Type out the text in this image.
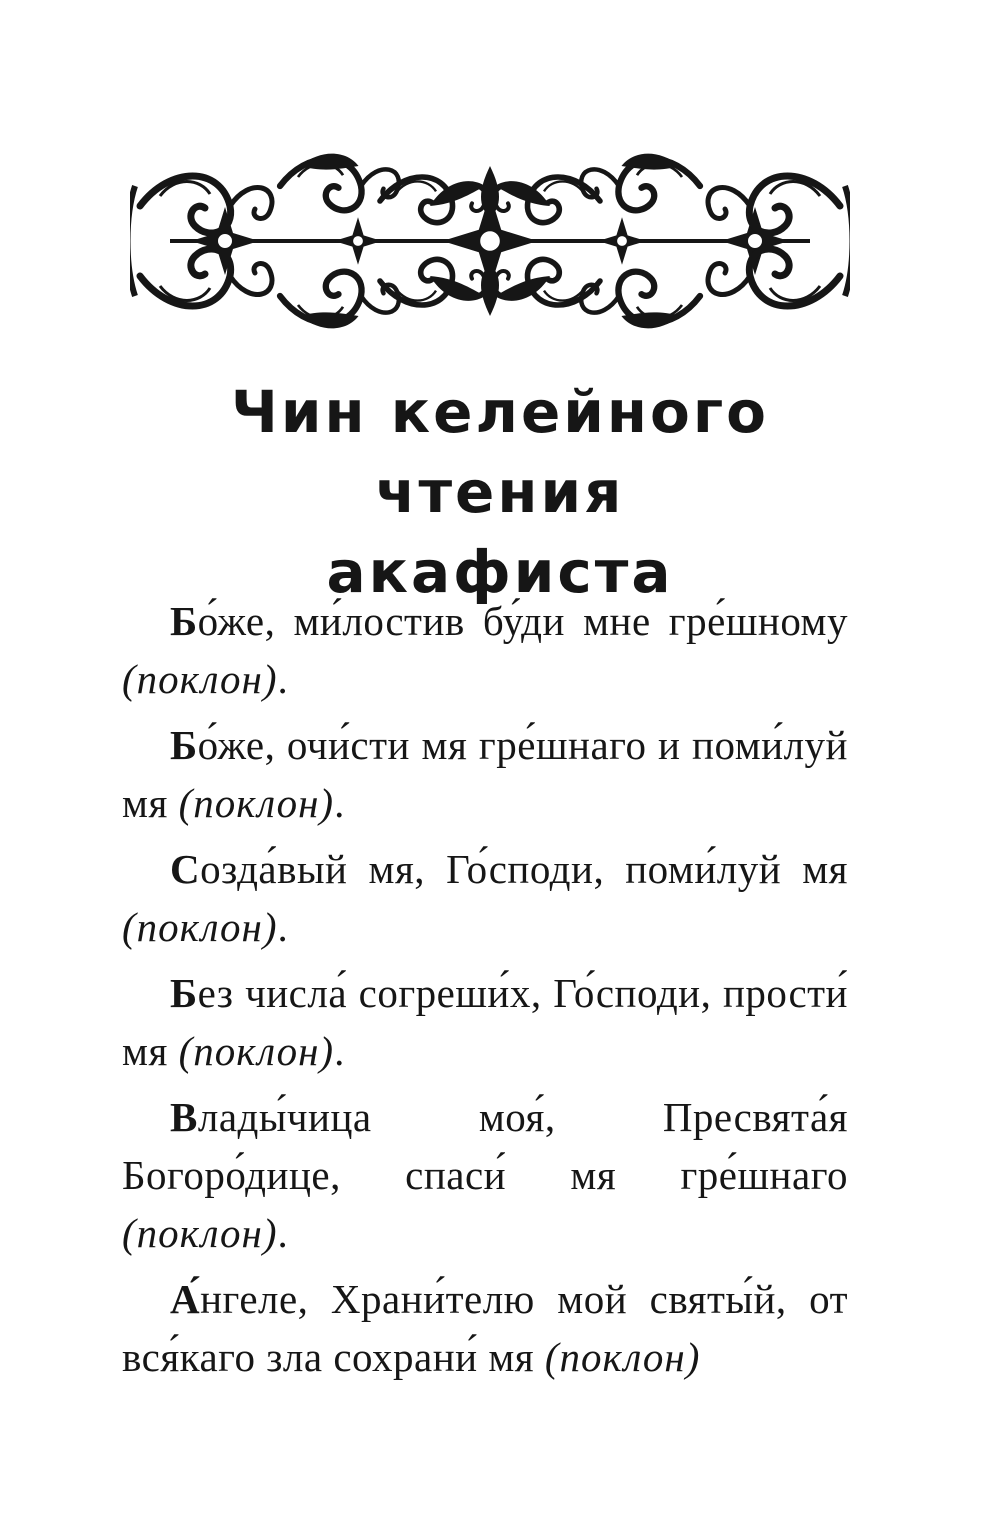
Чин келейного чтения
акафиста

Бо́же, ми́лостив бу́ди мне гре́шному (поклон).

Бо́же, очи́сти мя гре́шнаго и поми́луй мя (поклон).

Созда́вый мя, Го́споди, поми́луй мя (поклон).

Без числа́ согреши́х, Го́споди, прости́ мя (поклон).

Влады́чица моя́, Пресвята́я Богоро́дице, спаси́ мя гре́шнаго (поклон).

А́нгеле, Храни́телю мой святы́й, от вся́каго зла сохрани́ мя (поклон)
